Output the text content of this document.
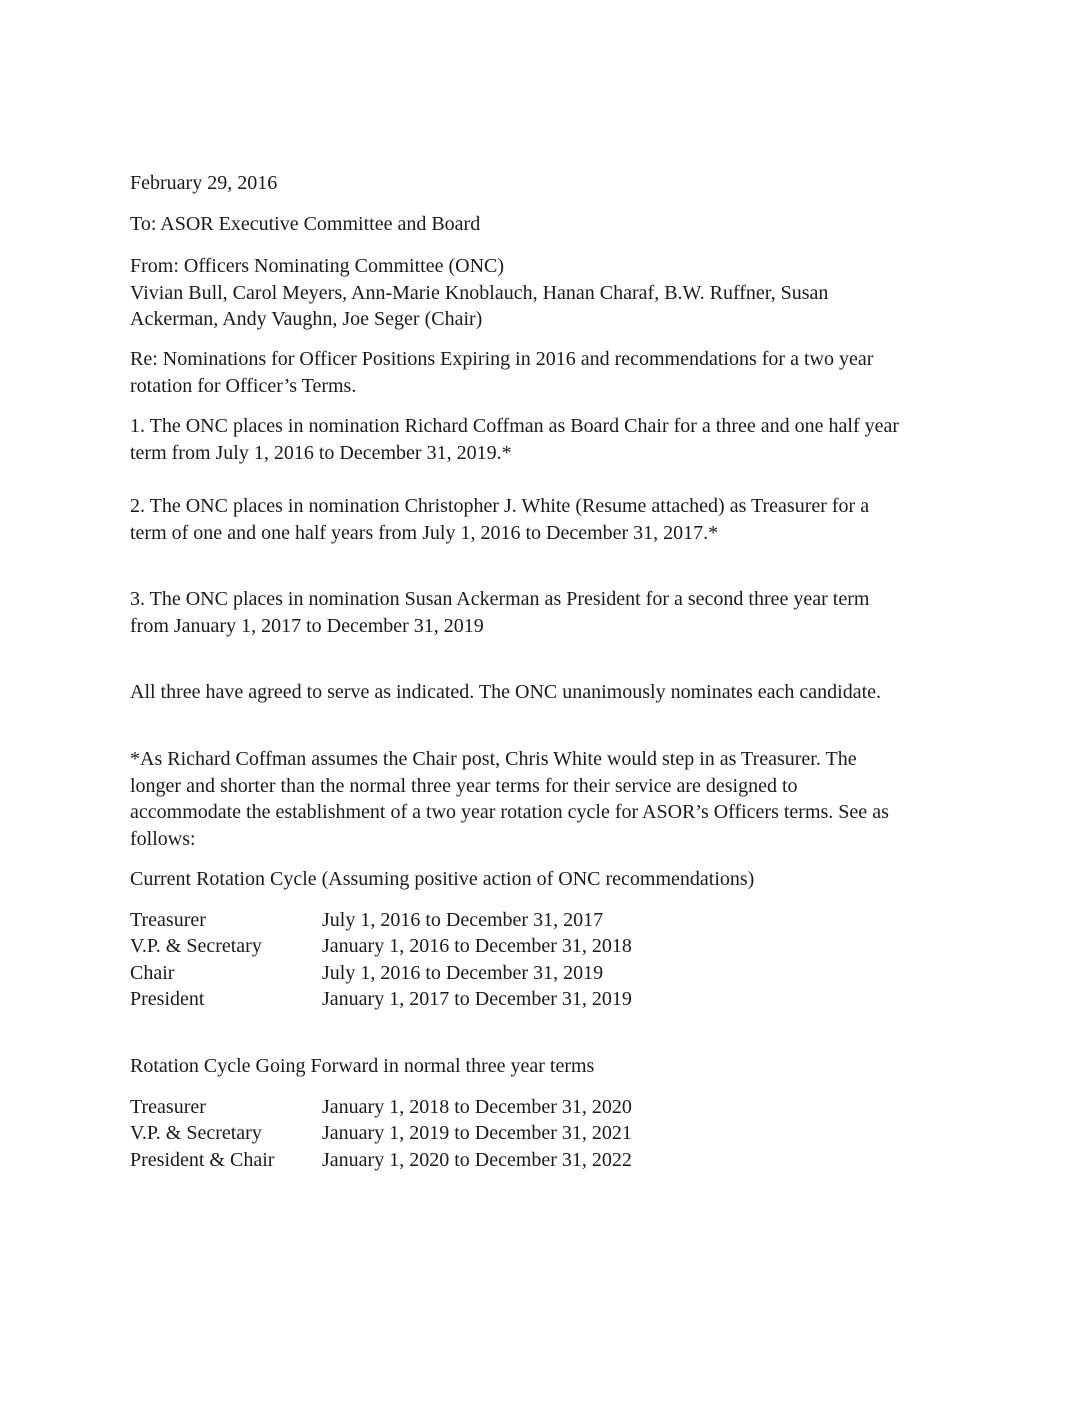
February 29, 2016

To: ASOR Executive Committee and Board

From: Officers Nominating Committee (ONC)

Vivian Bull, Carol Meyers, Ann-Marie Knoblauch, Hanan Charaf, B.W. Ruffner, Susan

Ackerman, Andy Vaughn, Joe Seger (Chair)

Re: Nominations for Officer Positions Expiring in 2016 and recommendations for a two year

rotation for Officer’s Terms.

1. The ONC places in nomination Richard Coffman as Board Chair for a three and one half year

term from July 1, 2016 to December 31, 2019.*

2. The ONC places in nomination Christopher J. White (Resume attached) as Treasurer for a

term of one and one half years from July 1, 2016 to December 31, 2017.*

3. The ONC places in nomination Susan Ackerman as President for a second three year term

from January 1, 2017 to December 31, 2019

All three have agreed to serve as indicated. The ONC unanimously nominates each candidate.

*As Richard Coffman assumes the Chair post, Chris White would step in as Treasurer. The

longer and shorter than the normal three year terms for their service are designed to

accommodate the establishment of a two year rotation cycle for ASOR’s Officers terms. See as

follows:

Current Rotation Cycle (Assuming positive action of ONC recommendations)

Treasurer	July 1, 2016 to December 31, 2017
V.P. & Secretary	January 1, 2016 to December 31, 2018
Chair	July 1, 2016 to December 31, 2019
President	January 1, 2017 to December 31, 2019

Rotation Cycle Going Forward in normal three year terms

Treasurer	January 1, 2018 to December 31, 2020
V.P. & Secretary	January 1, 2019 to December 31, 2021
President & Chair January 1, 2020 to December 31, 2022
